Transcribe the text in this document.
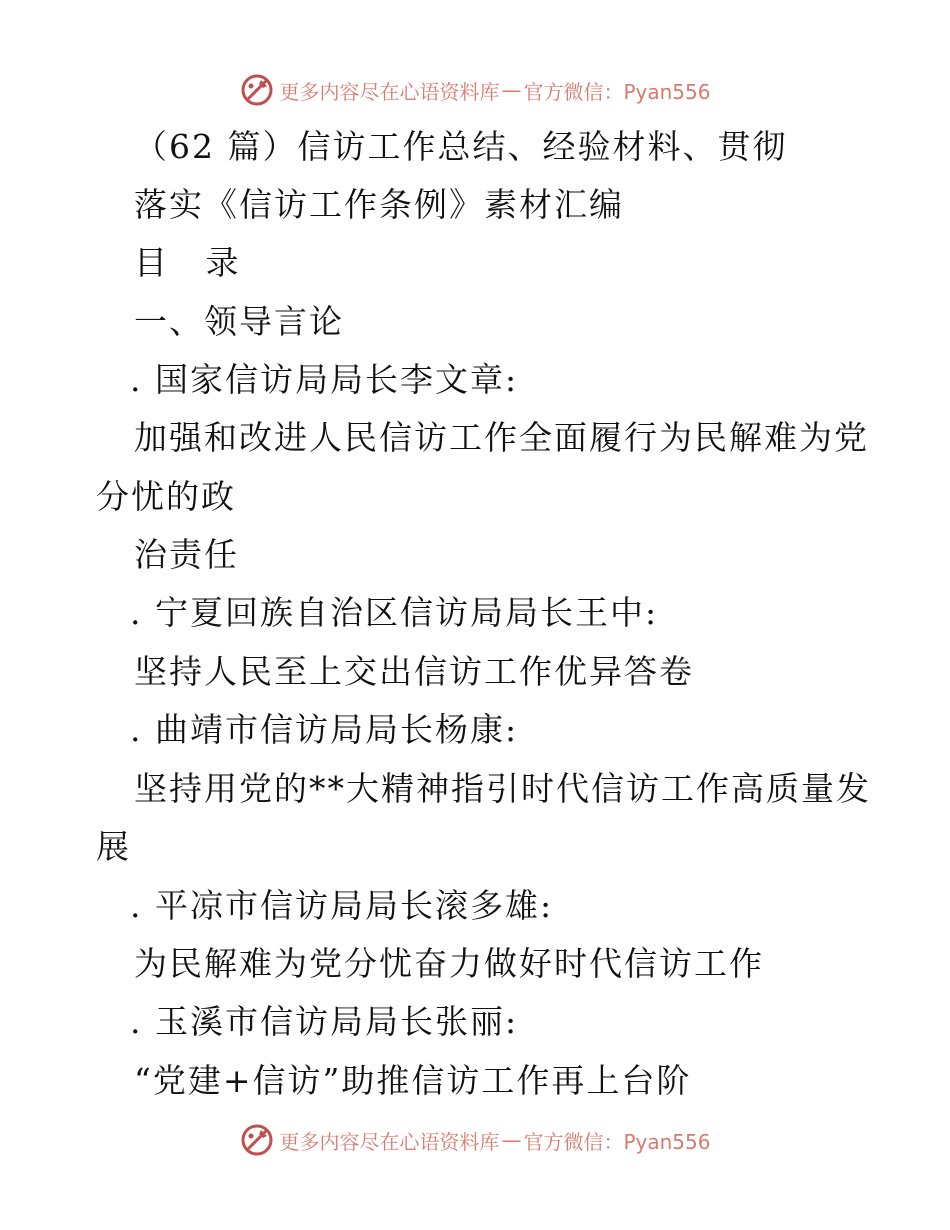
更多内容尽在心语资料库 — 官方微信：Pyan556
（62 篇）信访工作总结、经验材料、贯彻
落实《信访工作条例》素材汇编
目 录
一、领导言论
. 国家信访局局长李文章:
加强和改进人民信访工作全面履行为民解难为党
分忧的政
治责任
. 宁夏回族自治区信访局局长王中:
坚持人民至上交出信访工作优异答卷
. 曲靖市信访局局长杨康:
坚持用党的**大精神指引时代信访工作高质量发
展
. 平凉市信访局局长滚多雄:
为民解难为党分忧奋力做好时代信访工作
. 玉溪市信访局局长张丽:
“党建+信访”助推信访工作再上台阶
更多内容尽在心语资料库 — 官方微信：Pyan556
